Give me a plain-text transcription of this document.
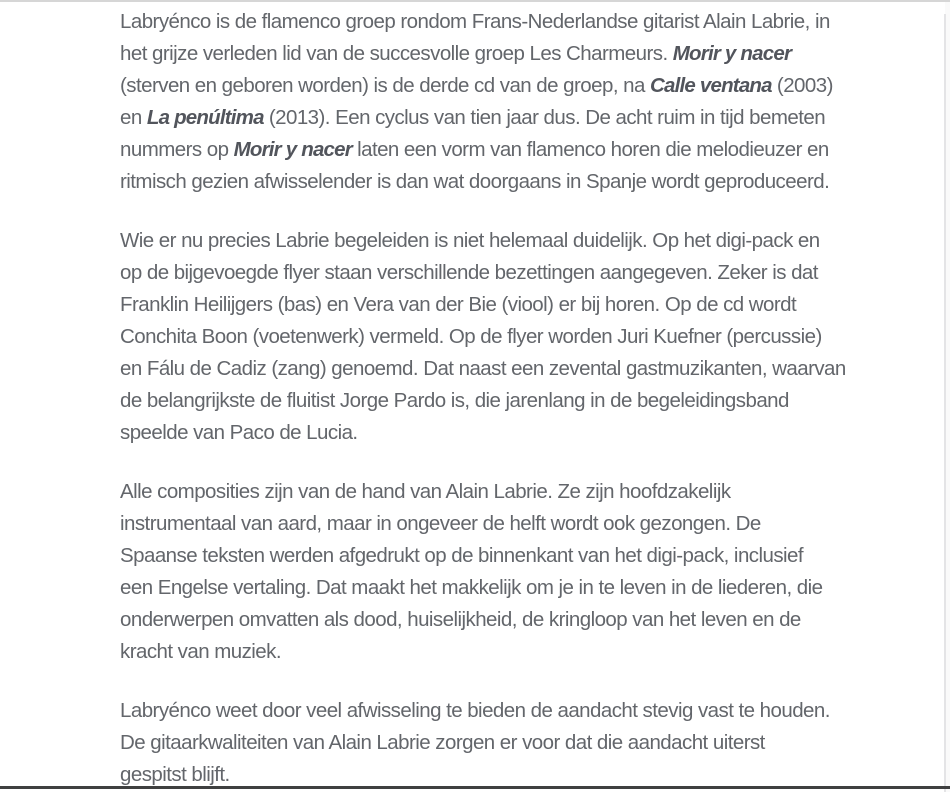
Labryénco is de flamenco groep rondom Frans-Nederlandse gitarist Alain Labrie, in
het grijze verleden lid van de succesvolle groep Les Charmeurs. Morir y nacer
(sterven en geboren worden) is de derde cd van de groep, na Calle ventana (2003)
en La penúltima (2013). Een cyclus van tien jaar dus. De acht ruim in tijd bemeten
nummers op Morir y nacer laten een vorm van flamenco horen die melodieuzer en
ritmisch gezien afwisselender is dan wat doorgaans in Spanje wordt geproduceerd.
Wie er nu precies Labrie begeleiden is niet helemaal duidelijk. Op het digi-pack en
op de bijgevoegde flyer staan verschillende bezettingen aangegeven. Zeker is dat
Franklin Heilijgers (bas) en Vera van der Bie (viool) er bij horen. Op de cd wordt
Conchita Boon (voetenwerk) vermeld. Op de flyer worden Juri Kuefner (percussie)
en Fálu de Cadiz (zang) genoemd. Dat naast een zevental gastmuzikanten, waarvan
de belangrijkste de fluitist Jorge Pardo is, die jarenlang in de begeleidingsband
speelde van Paco de Lucia.
Alle composities zijn van de hand van Alain Labrie. Ze zijn hoofdzakelijk
instrumentaal van aard, maar in ongeveer de helft wordt ook gezongen. De
Spaanse teksten werden afgedrukt op de binnenkant van het digi-pack, inclusief
een Engelse vertaling. Dat maakt het makkelijk om je in te leven in de liederen, die
onderwerpen omvatten als dood, huiselijkheid, de kringloop van het leven en de
kracht van muziek.
Labryénco weet door veel afwisseling te bieden de aandacht stevig vast te houden.
De gitaarkwaliteiten van Alain Labrie zorgen er voor dat die aandacht uiterst
gespitst blijft.
